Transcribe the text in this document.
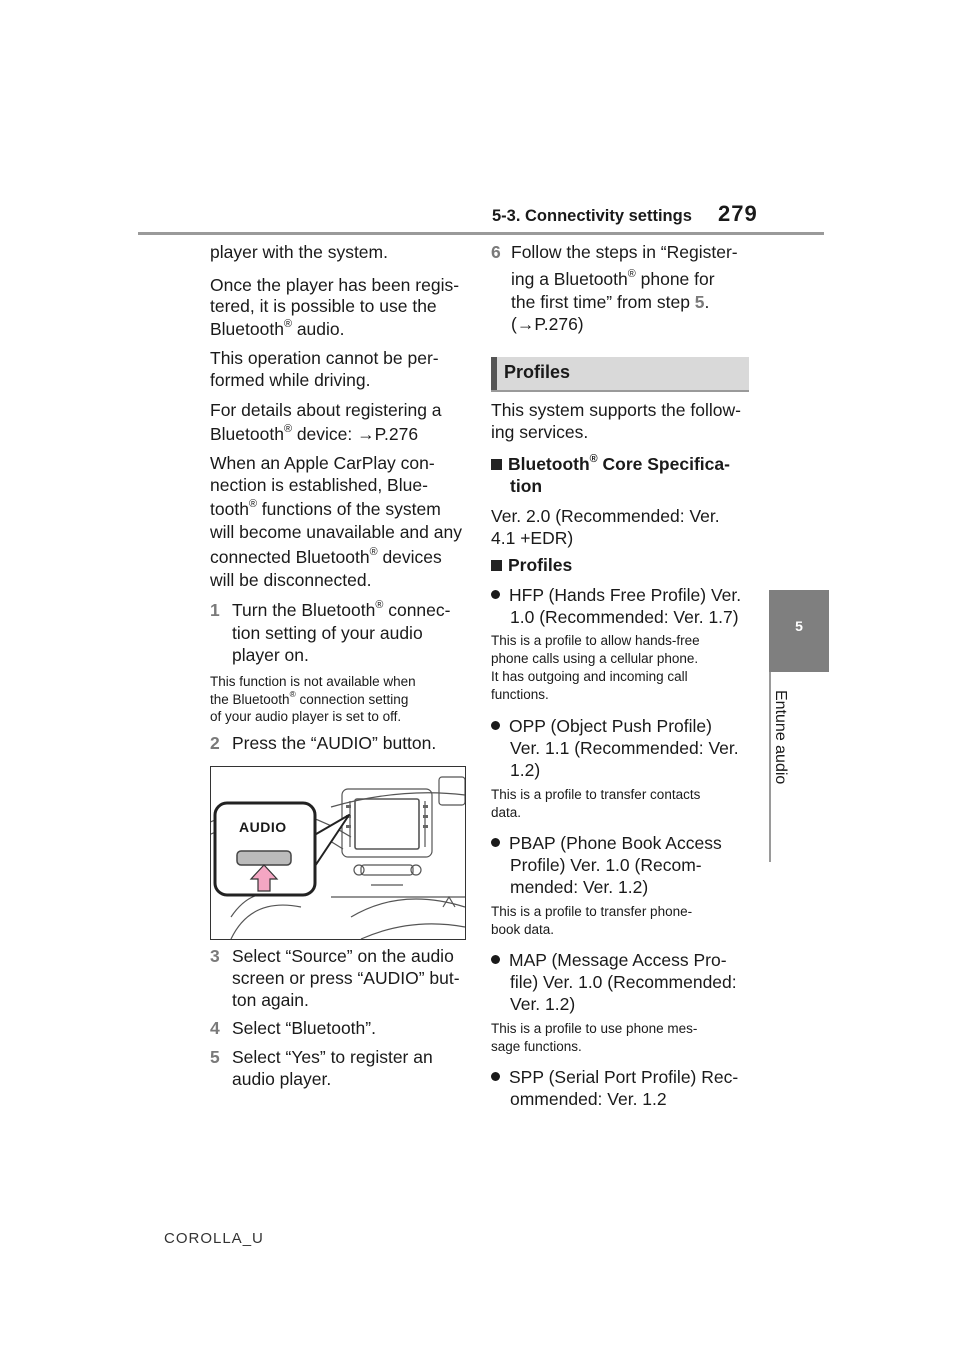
5-3. Connectivity settings 279
5
Entune audio
player with the system.
Once the player has been regis-
tered, it is possible to use the
Bluetooth® audio.
This operation cannot be per-
formed while driving.
For details about registering a
Bluetooth® device: →P.276
When an Apple CarPlay con-
nection is established, Blue-
tooth® functions of the system
will become unavailable and any
connected Bluetooth® devices
will be disconnected.
1 Turn the Bluetooth® connec-
tion setting of your audio
player on.
This function is not available when
the Bluetooth® connection setting
of your audio player is set to off.
2 Press the “AUDIO” button.
AUDIO
3 Select “Source” on the audio
screen or press “AUDIO” but-
ton again.
4 Select “Bluetooth”.
5 Select “Yes” to register an
audio player.
6 Follow the steps in “Register-
ing a Bluetooth® phone for
the first time” from step 5.
(→P.276)
Profiles
This system supports the follow-
ing services.
Bluetooth® Core Specifica-
tion
Ver. 2.0 (Recommended: Ver.
4.1 +EDR)
Profiles
HFP (Hands Free Profile) Ver.
1.0 (Recommended: Ver. 1.7)
This is a profile to allow hands-free
phone calls using a cellular phone.
It has outgoing and incoming call
functions.
OPP (Object Push Profile)
Ver. 1.1 (Recommended: Ver.
1.2)
This is a profile to transfer contacts
data.
PBAP (Phone Book Access
Profile) Ver. 1.0 (Recom-
mended: Ver. 1.2)
This is a profile to transfer phone-
book data.
MAP (Message Access Pro-
file) Ver. 1.0 (Recommended:
Ver. 1.2)
This is a profile to use phone mes-
sage functions.
SPP (Serial Port Profile) Rec-
ommended: Ver. 1.2
COROLLA_U
